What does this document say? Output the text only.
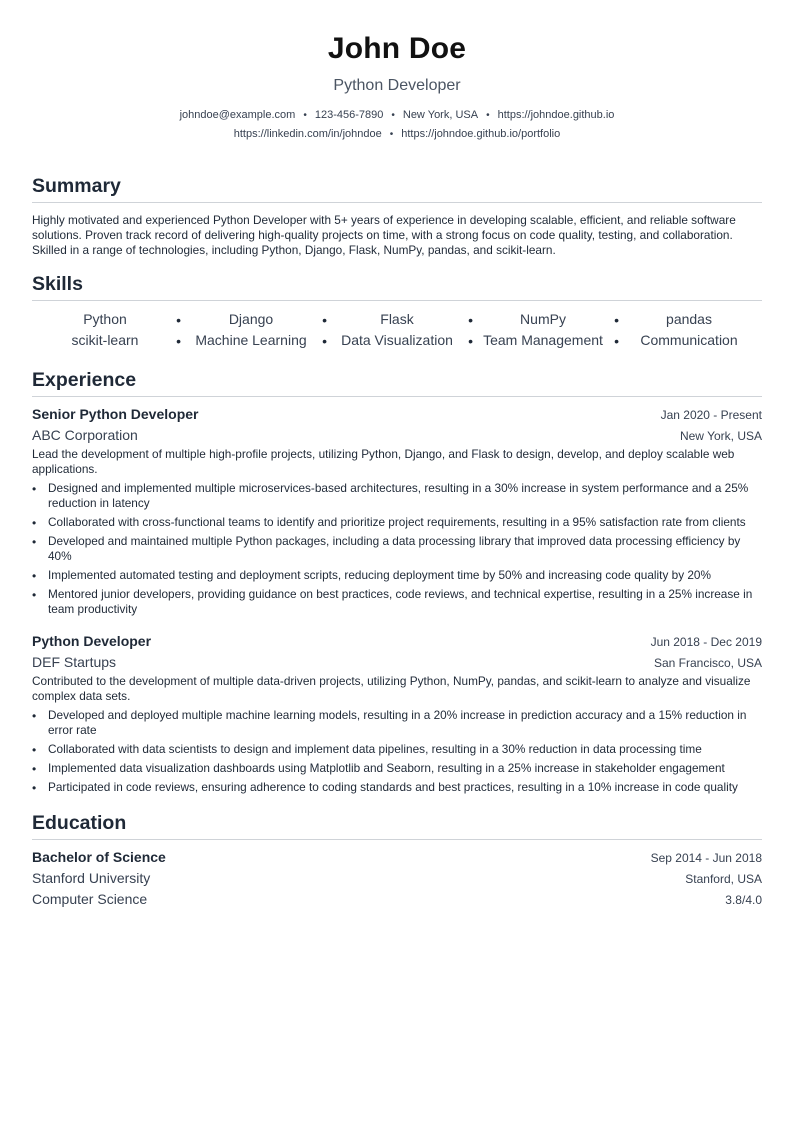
John Doe
Python Developer
johndoe@example.com • 123-456-7890 • New York, USA • https://johndoe.github.io
https://linkedin.com/in/johndoe • https://johndoe.github.io/portfolio
Summary
Highly motivated and experienced Python Developer with 5+ years of experience in developing scalable, efficient, and reliable software solutions. Proven track record of delivering high-quality projects on time, with a strong focus on code quality, testing, and collaboration. Skilled in a range of technologies, including Python, Django, Flask, NumPy, pandas, and scikit-learn.
Skills
Python	•	Django	•	Flask	•	NumPy	•	pandas
scikit-learn	•	Machine Learning •	Data Visualization • Team Management •	Communication
Experience
Senior Python Developer	Jan 2020 - Present
ABC Corporation	New York, USA
Lead the development of multiple high-profile projects, utilizing Python, Django, and Flask to design, develop, and deploy scalable web applications.
• Designed and implemented multiple microservices-based architectures, resulting in a 30% increase in system performance and a 25% reduction in latency
• Collaborated with cross-functional teams to identify and prioritize project requirements, resulting in a 95% satisfaction rate from clients
• Developed and maintained multiple Python packages, including a data processing library that improved data processing efficiency by 40%
• Implemented automated testing and deployment scripts, reducing deployment time by 50% and increasing code quality by 20%
• Mentored junior developers, providing guidance on best practices, code reviews, and technical expertise, resulting in a 25% increase in team productivity
Python Developer	Jun 2018 - Dec 2019
DEF Startups	San Francisco, USA
Contributed to the development of multiple data-driven projects, utilizing Python, NumPy, pandas, and scikit-learn to analyze and visualize complex data sets.
• Developed and deployed multiple machine learning models, resulting in a 20% increase in prediction accuracy and a 15% reduction in error rate
• Collaborated with data scientists to design and implement data pipelines, resulting in a 30% reduction in data processing time
• Implemented data visualization dashboards using Matplotlib and Seaborn, resulting in a 25% increase in stakeholder engagement
• Participated in code reviews, ensuring adherence to coding standards and best practices, resulting in a 10% increase in code quality
Education
Bachelor of Science	Sep 2014 - Jun 2018
Stanford University	Stanford, USA
Computer Science	3.8/4.0
